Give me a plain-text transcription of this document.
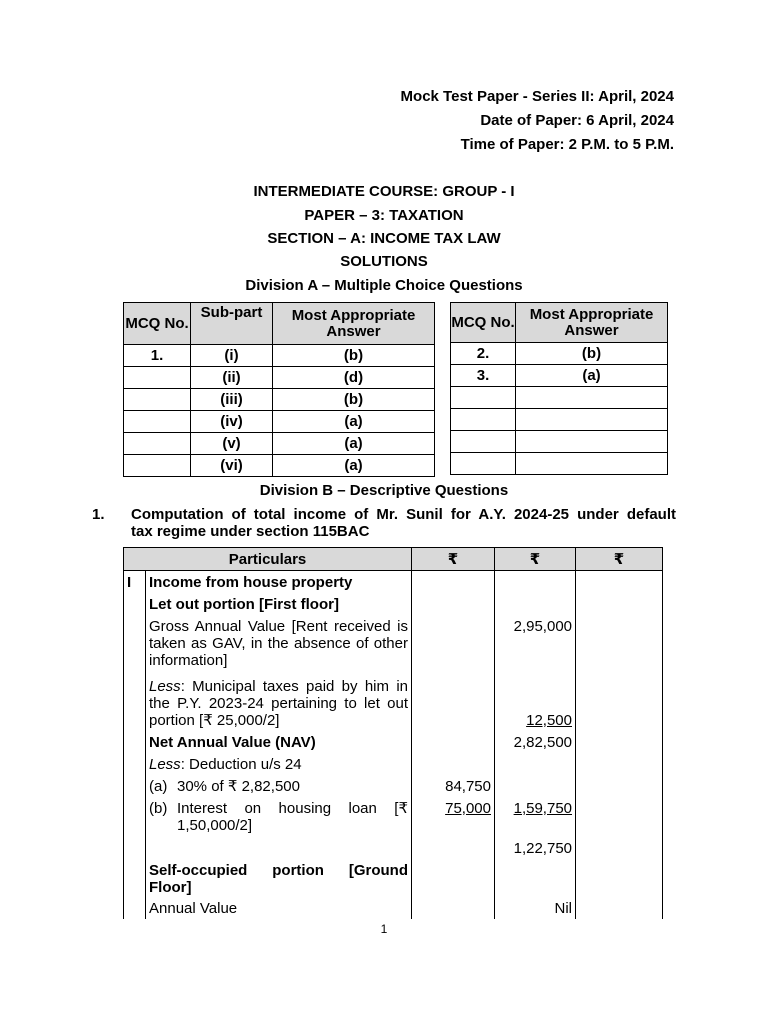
Mock Test Paper - Series II: April, 2024
Date of Paper: 6 April, 2024
Time of Paper: 2 P.M. to 5 P.M.
INTERMEDIATE COURSE: GROUP - I
PAPER – 3: TAXATION
SECTION – A: INCOME TAX LAW
SOLUTIONS
Division A – Multiple Choice Questions
MCQ No.	Sub-part	Most Appropriate Answer
1.	(i)	(b)
	(ii)	(d)
	(iii)	(b)
	(iv)	(a)
	(v)	(a)
	(vi)	(a)
MCQ No.	Most Appropriate Answer
2.	(b)
3.	(a)

Division B – Descriptive Questions
1. Computation of total income of Mr. Sunil for A.Y. 2024-25 under default
tax regime under section 115BAC
Particulars		₹	₹	₹
I	Income from house property			
	Let out portion [First floor]			
	Gross Annual Value [Rent received is taken as GAV, in the absence of other information]		2,95,000	
	Less: Municipal taxes paid by him in the P.Y. 2023-24 pertaining to let out portion [₹ 25,000/2]		12,500	
	Net Annual Value (NAV)		2,82,500	
	Less: Deduction u/s 24			

	(a) 30% of ₹ 2,82,500	84,750		

	(b) Interest on housing loan [₹ 1,50,000/2]	75,000	1,59,750	
			1,22,750	
	Self-occupied portion [Ground Floor]			
	Annual Value		Nil	
1
